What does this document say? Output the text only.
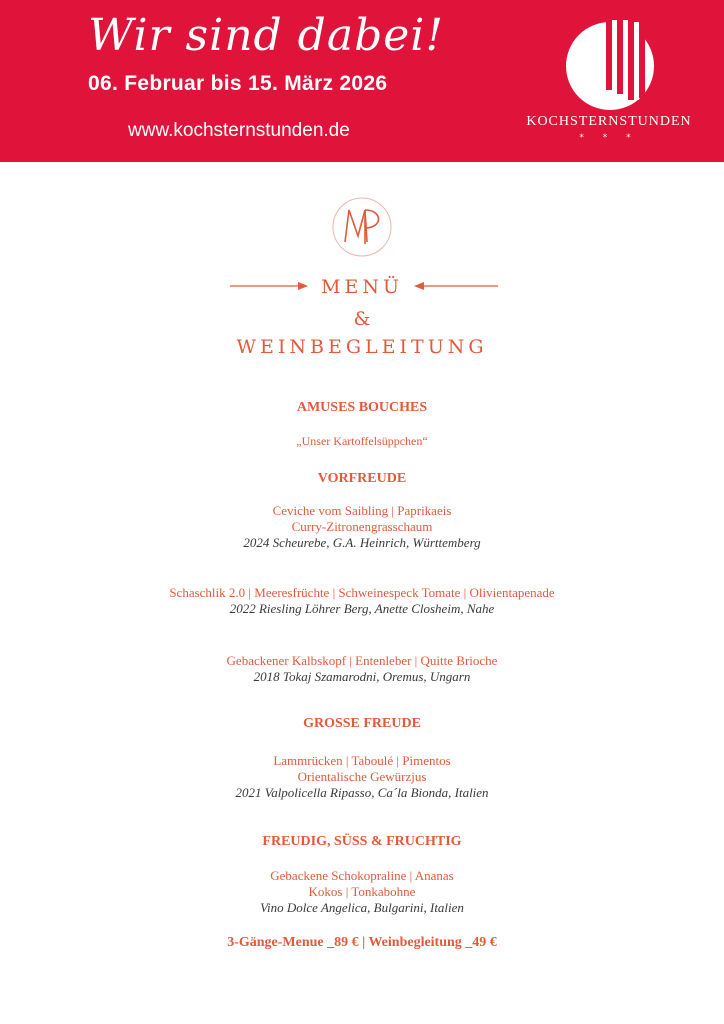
Wir sind dabei!
06. Februar bis 15. März 2026
www.kochsternstunden.de	KOCHSTERNSTUNDEN
* * *
MENÜ
&
WEINBEGLEITUNG
AMUSES BOUCHES
„Unser Kartoffelsüppchen“
VORFREUDE
Ceviche vom Saibling | Paprikaeis
Curry-Zitronengrasschaum
2024 Scheurebe, G.A. Heinrich, Württemberg
Schaschlik 2.0 | Meeresfrüchte | Schweinespeck Tomate | Olivientapenade
2022 Riesling Löhrer Berg, Anette Closheim, Nahe
Gebackener Kalbskopf | Entenleber | Quitte Brioche
2018 Tokaj Szamarodni, Oremus, Ungarn
GROSSE FREUDE
Lammrücken | Taboulé | Pimentos
Orientalische Gewürzjus
2021 Valpolicella Ripasso, Ca´la Bionda, Italien
FREUDIG, SÜSS & FRUCHTIG
Gebackene Schokopraline | Ananas
Kokos | Tonkabohne
Vino Dolce Angelica, Bulgarini, Italien
3-Gänge-Menue _89 € | Weinbegleitung _49 €
